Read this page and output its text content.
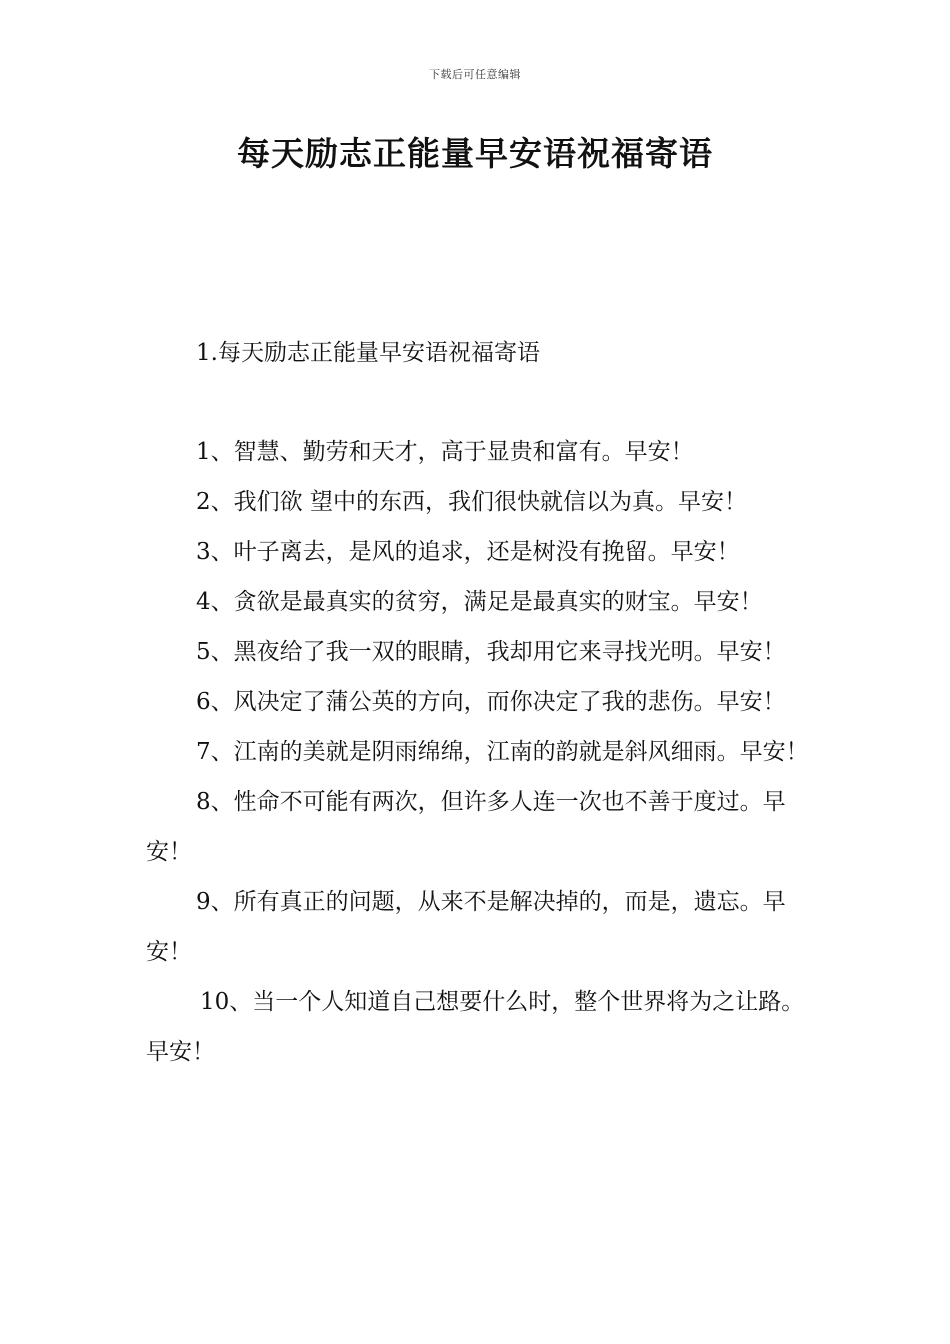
下载后可任意编辑
每天励志正能量早安语祝福寄语
1.每天励志正能量早安语祝福寄语

1、智慧、勤劳和天才，高于显贵和富有。早安！

2、我们欲 望中的东西，我们很快就信以为真。早安！

3、叶子离去，是风的追求，还是树没有挽留。早安！

4、贪欲是最真实的贫穷，满足是最真实的财宝。早安！

5、黑夜给了我一双的眼睛，我却用它来寻找光明。早安！

6、风决定了蒲公英的方向，而你决定了我的悲伤。早安！

7、江南的美就是阴雨绵绵，江南的韵就是斜风细雨。早安！

8、性命不可能有两次，但许多人连一次也不善于度过。早安！

9、所有真正的问题，从来不是解决掉的，而是，遗忘。早安！

10、当一个人知道自己想要什么时，整个世界将为之让路。早安！
